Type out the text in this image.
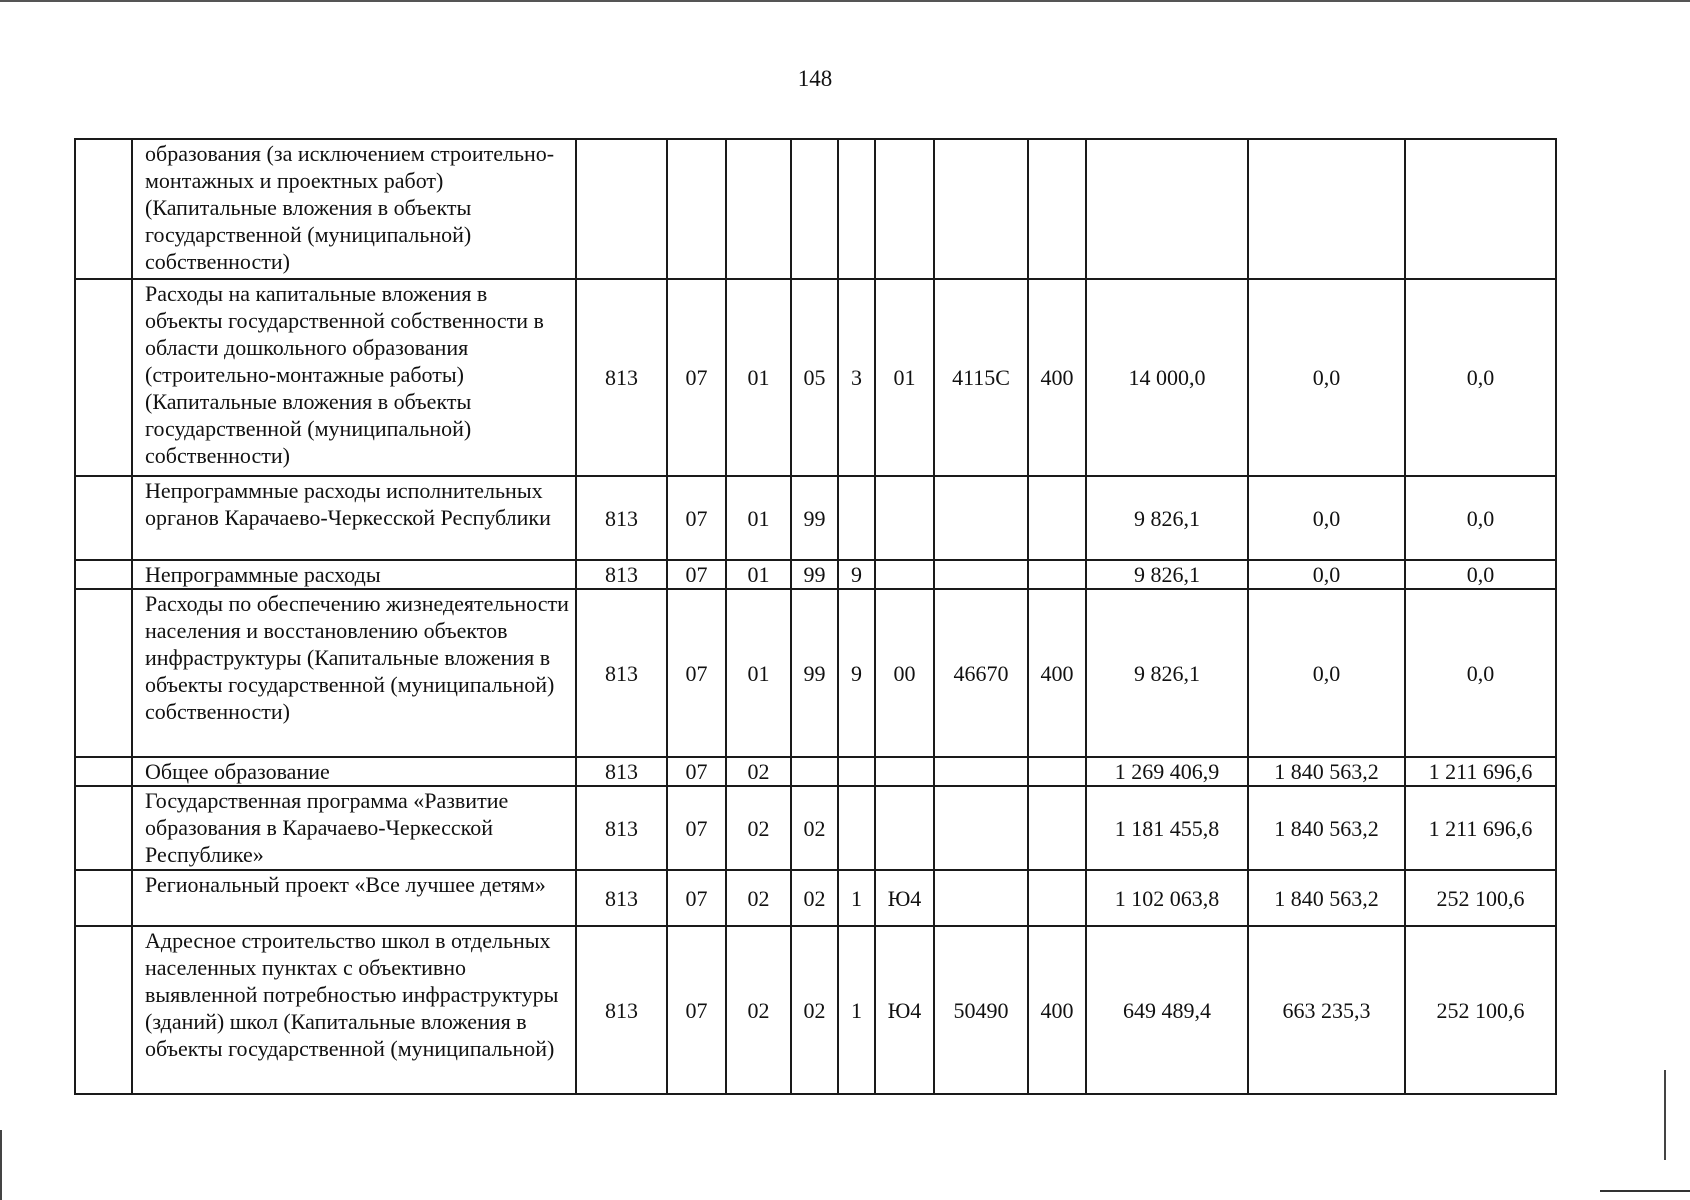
148
	образования (за исключением строительно-монтажных и проектных работ) (Капитальные вложения в объекты государственной (муниципальной) собственности)											
	Расходы на капитальные вложения в объекты государственной собственности в области дошкольного образования (строительно-монтажные работы) (Капитальные вложения в объекты государственной (муниципальной) собственности)	813	07	01	05	3	01	4115C	400	14 000,0	0,0	0,0
	Непрограммные расходы исполнительных органов Карачаево-Черкесской Республики	813	07	01	99					9 826,1	0,0	0,0
	Непрограммные расходы	813	07	01	99	9				9 826,1	0,0	0,0
	Расходы по обеспечению жизнедеятельности населения и восстановлению объектов инфраструктуры (Капитальные вложения в объекты государственной (муниципальной) собственности)	813	07	01	99	9	00	46670	400	9 826,1	0,0	0,0
	Общее образование	813	07	02						1 269 406,9	1 840 563,2	1 211 696,6
	Государственная программа «Развитие образования в Карачаево-Черкесской Республике»	813	07	02	02					1 181 455,8	1 840 563,2	1 211 696,6
	Региональный проект «Все лучшее детям»	813	07	02	02	1	Ю4			1 102 063,8	1 840 563,2	252 100,6
	Адресное строительство школ в отдельных населенных пунктах с объективно выявленной потребностью инфраструктуры (зданий) школ (Капитальные вложения в объекты государственной (муниципальной)	813	07	02	02	1	Ю4	50490	400	649 489,4	663 235,3	252 100,6
